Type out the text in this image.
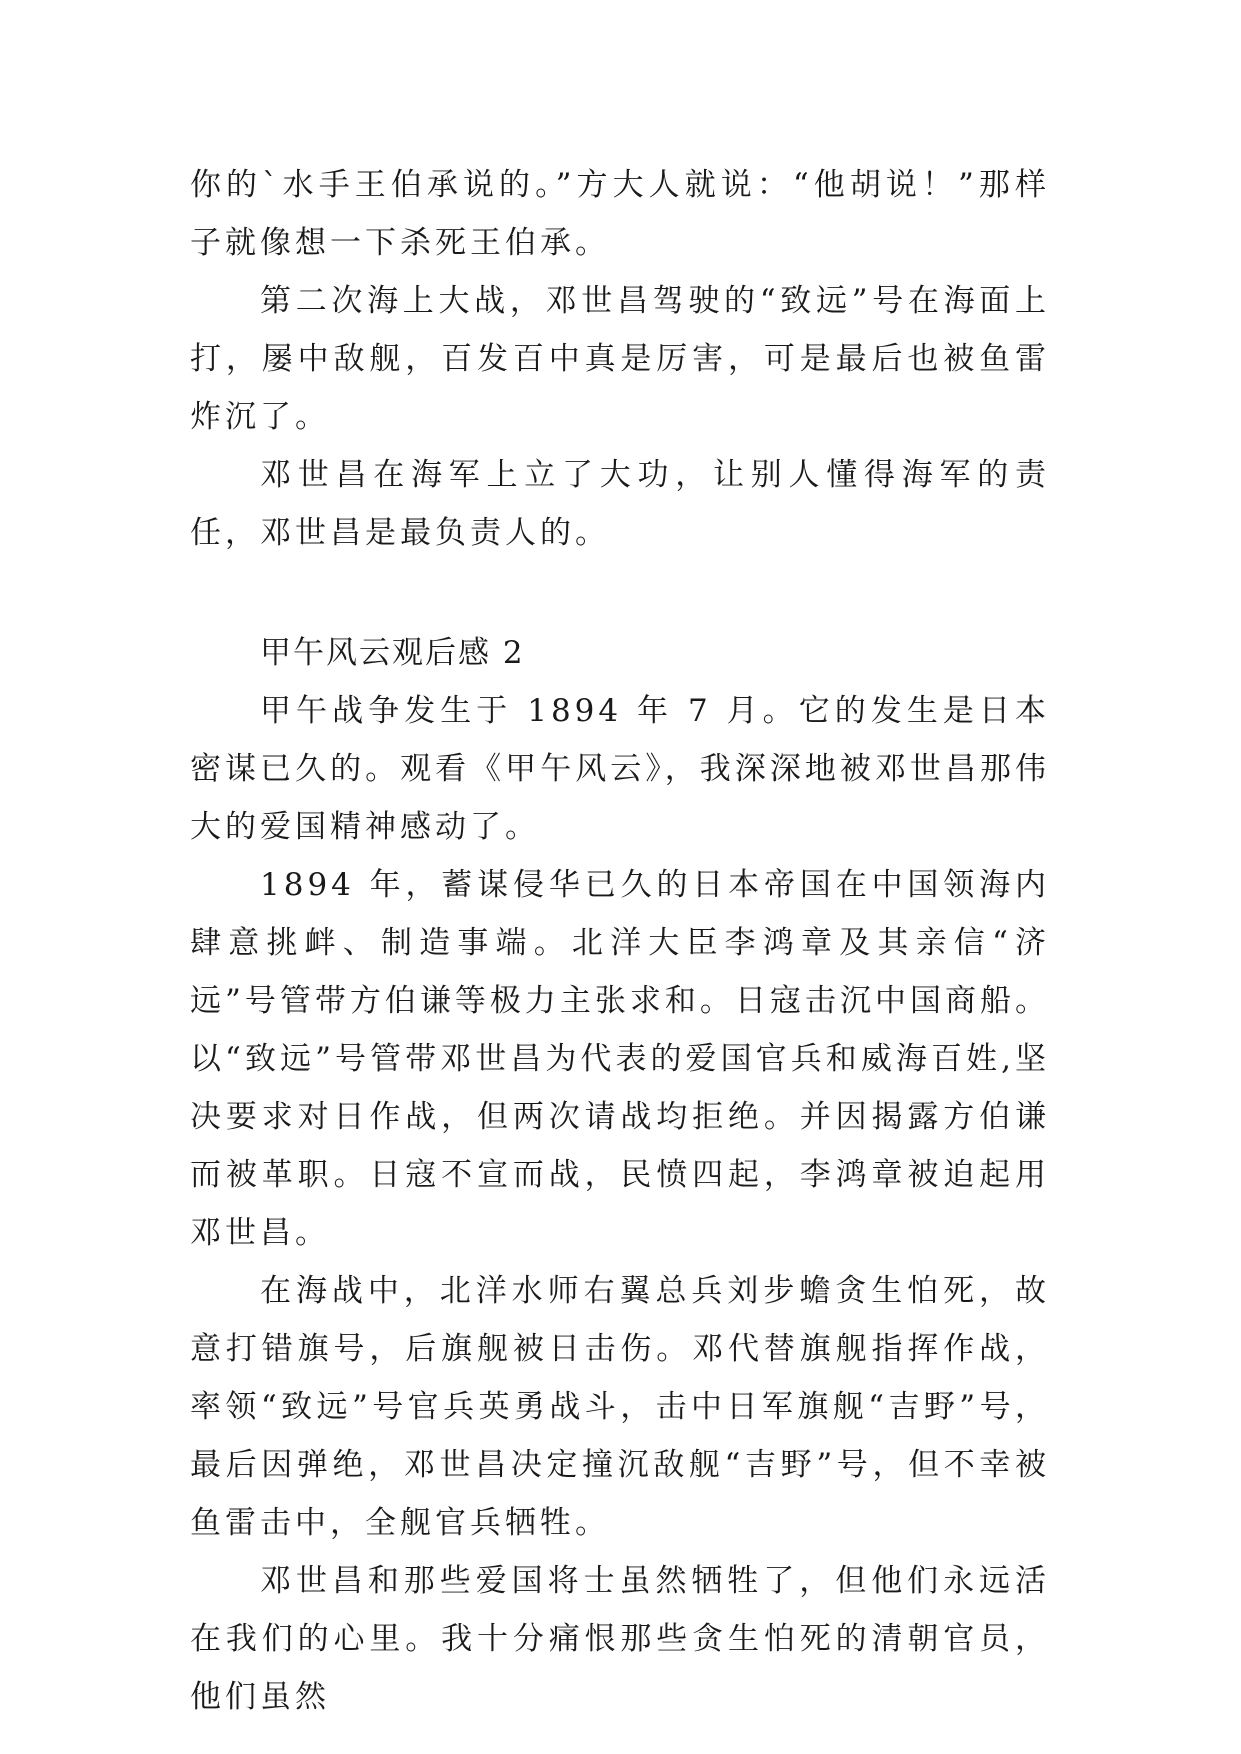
你的`水手王伯承说的。”方大人就说：“他胡说！”那样子就像想一下杀死王伯承。

第二次海上大战，邓世昌驾驶的“致远”号在海面上打，屡中敌舰，百发百中真是厉害，可是最后也被鱼雷炸沉了。

邓世昌在海军上立了大功，让别人懂得海军的责任，邓世昌是最负责人的。

甲午风云观后感 2

甲午战争发生于 1894 年 7 月。它的发生是日本密谋已久的。观看《甲午风云》，我深深地被邓世昌那伟大的爱国精神感动了。

1894 年，蓄谋侵华已久的日本帝国在中国领海内肆意挑衅、制造事端。北洋大臣李鸿章及其亲信“济远”号管带方伯谦等极力主张求和。日寇击沉中国商船。以“致远”号管带邓世昌为代表的爱国官兵和威海百姓,坚决要求对日作战，但两次请战均拒绝。并因揭露方伯谦而被革职。日寇不宣而战，民愤四起，李鸿章被迫起用邓世昌。

在海战中，北洋水师右翼总兵刘步蟾贪生怕死，故意打错旗号，后旗舰被日击伤。邓代替旗舰指挥作战，率领“致远”号官兵英勇战斗，击中日军旗舰“吉野”号，最后因弹绝，邓世昌决定撞沉敌舰“吉野”号，但不幸被鱼雷击中，全舰官兵牺牲。

邓世昌和那些爱国将士虽然牺牲了，但他们永远活在我们的心里。我十分痛恨那些贪生怕死的清朝官员，他们虽然
